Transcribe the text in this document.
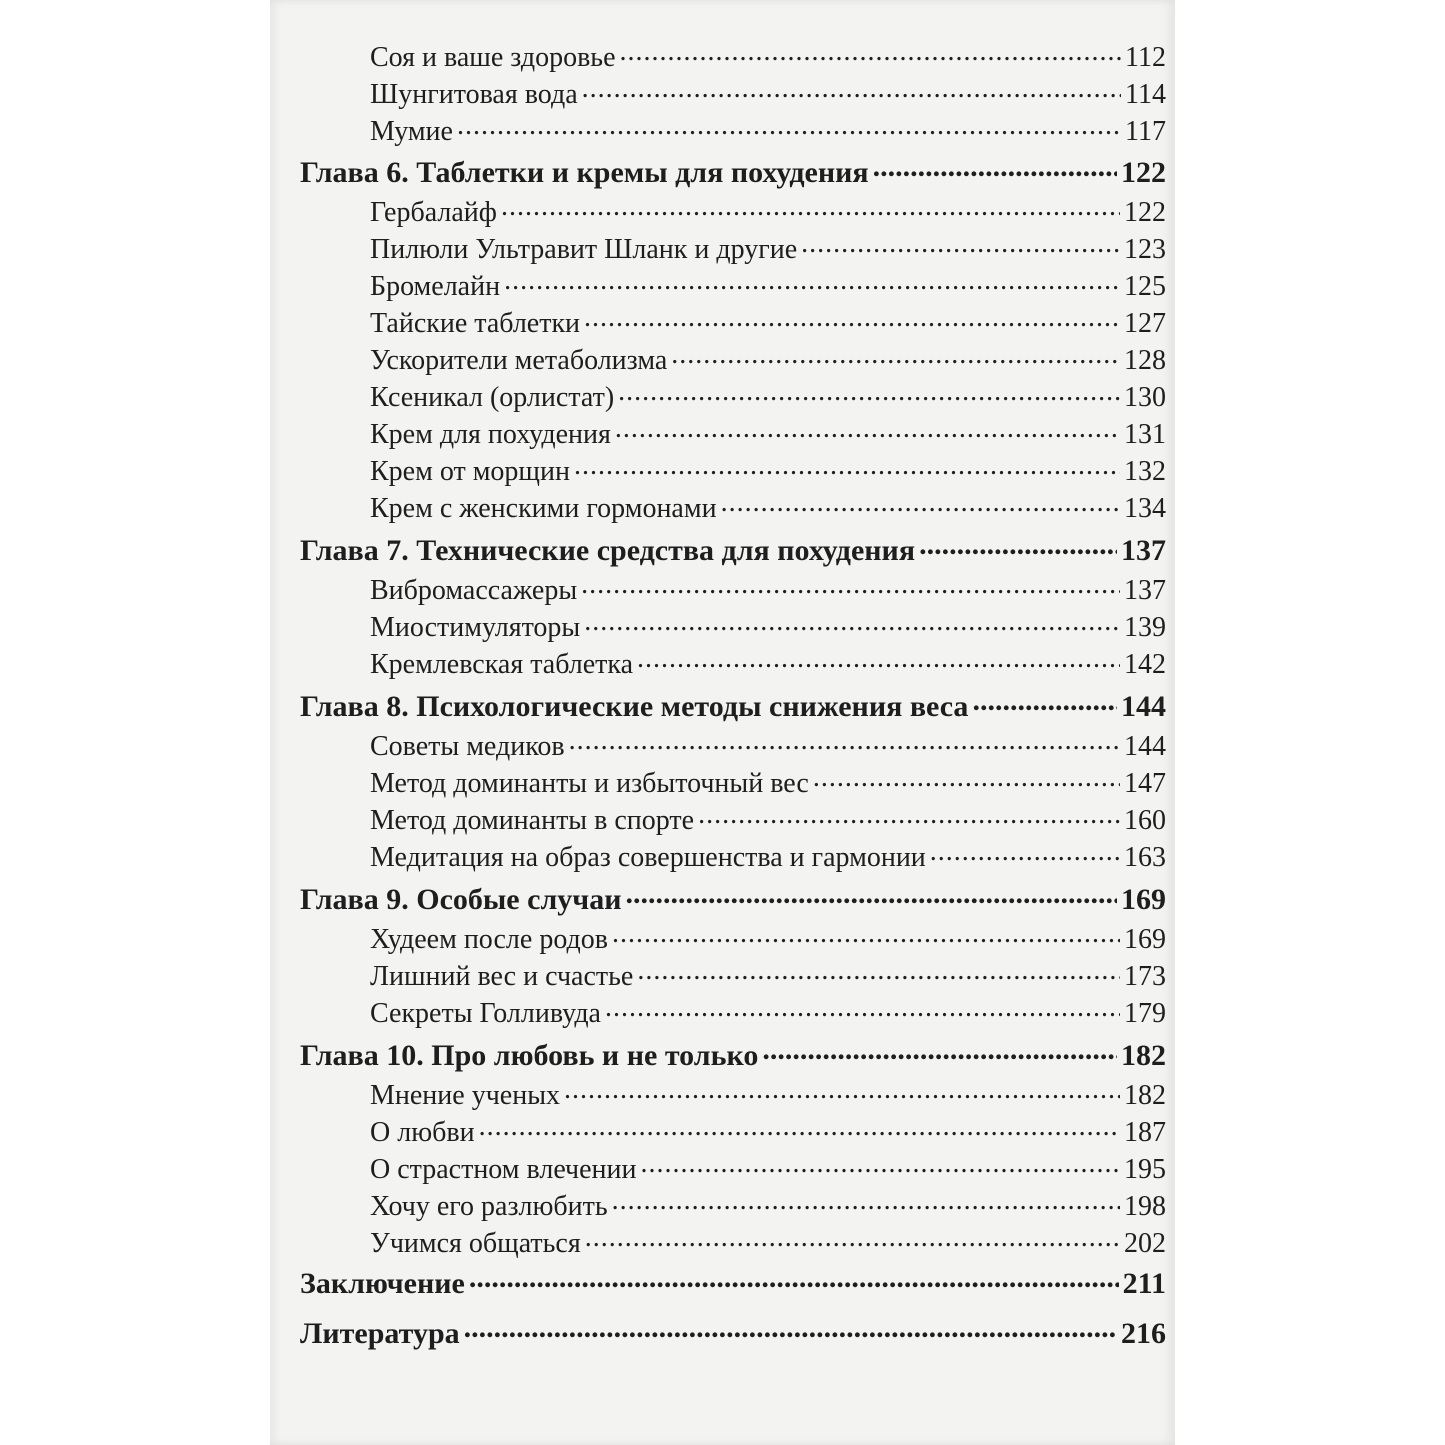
Соя и ваше здоровье .....	112
Шунгитовая вода .....	114
Мумие .....	117
Глава 6. Таблетки и кремы для похудения .....	122
Гербалайф .....	122
Пилюли Ультравит Шланк и другие .....	123
Бромелайн .....	125
Тайские таблетки .....	127
Ускорители метаболизма .....	128
Ксеникал (орлистат) .....	130
Крем для похудения .....	131
Крем от морщин .....	132
Крем с женскими гормонами .....	134
Глава 7. Технические средства для похудения .....	137
Вибромассажеры .....	137
Миостимуляторы .....	139
Кремлевская таблетка .....	142
Глава 8. Психологические методы снижения веса .....	144
Советы медиков .....	144
Метод доминанты и избыточный вес .....	147
Метод доминанты в спорте .....	160
Медитация на образ совершенства и гармонии .....	163
Глава 9. Особые случаи .....	169
Худеем после родов .....	169
Лишний вес и счастье .....	173
Секреты Голливуда .....	179
Глава 10. Про любовь и не только .....	182
Мнение ученых .....	182
О любви .....	187
О страстном влечении .....	195
Хочу его разлюбить .....	198
Учимся общаться .....	202
Заключение .....	211
Литература .....	216
